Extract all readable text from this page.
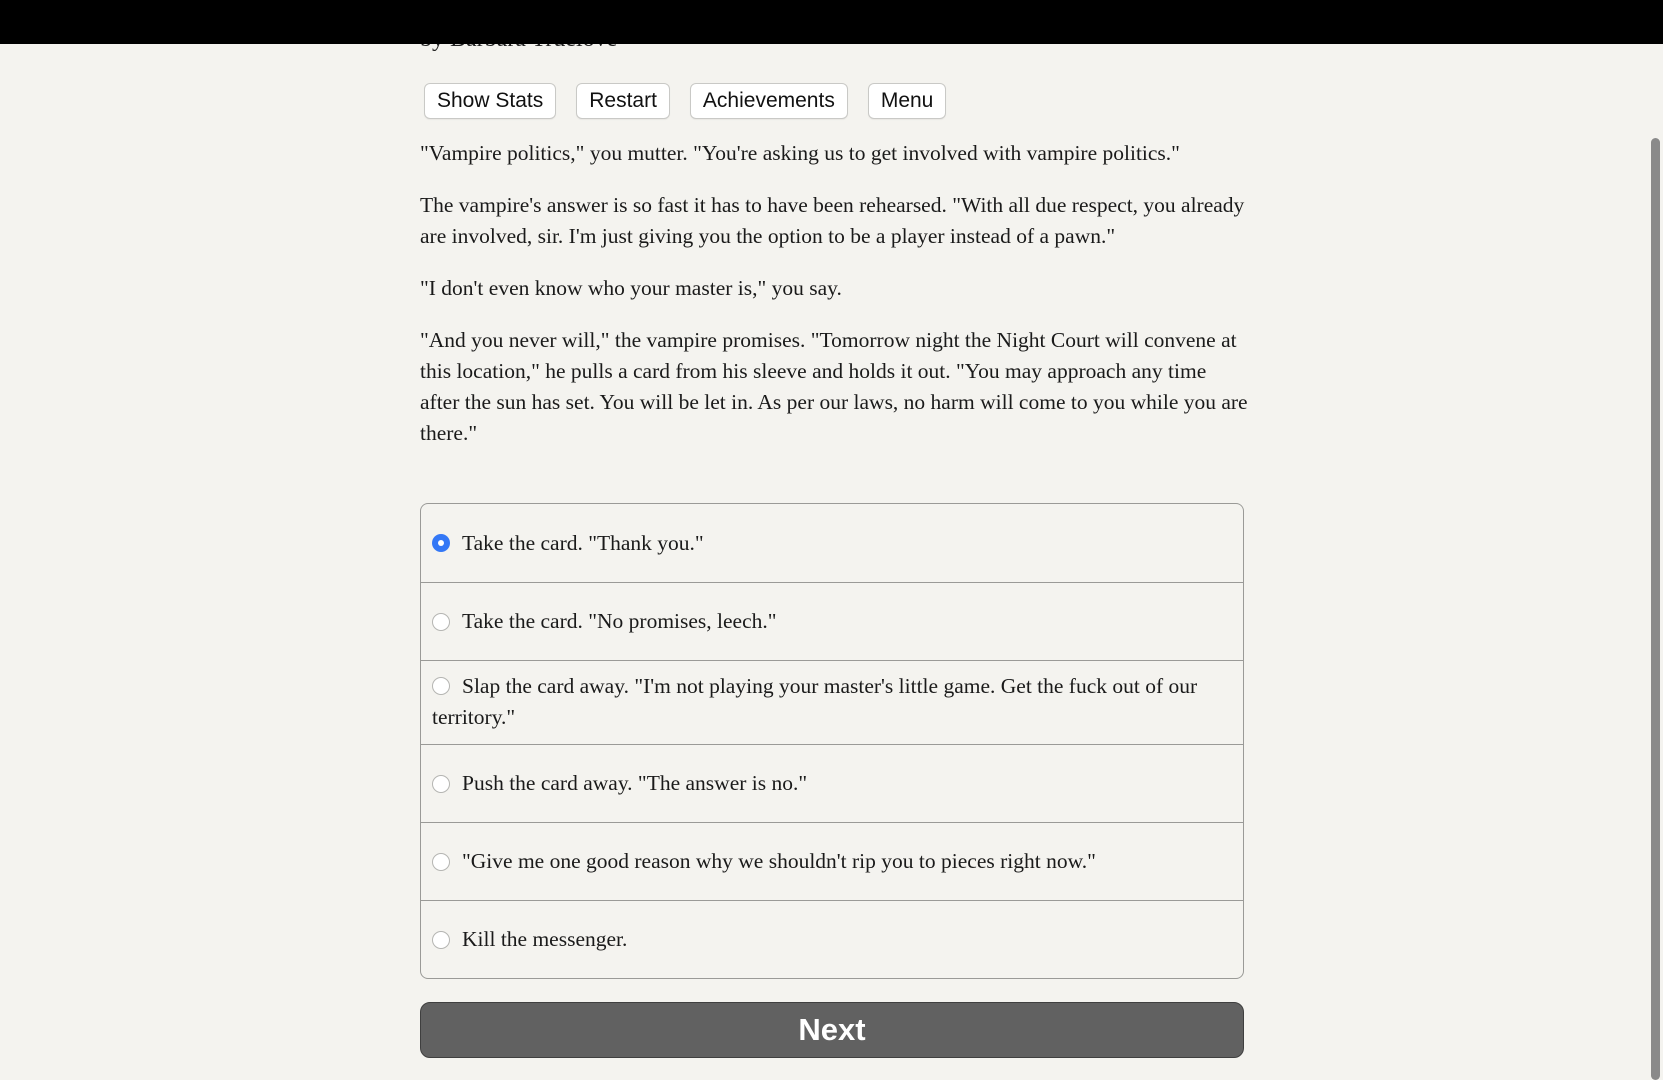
Show Stats	Restart	Achievements	Menu

"Vampire politics," you mutter. "You're asking us to get involved with vampire politics."

The vampire's answer is so fast it has to have been rehearsed. "With all due respect, you already are involved, sir. I'm just giving you the option to be a player instead of a pawn."

"I don't even know who your master is," you say.

"And you never will," the vampire promises. "Tomorrow night the Night Court will convene at this location," he pulls a card from his sleeve and holds it out. "You may approach any time after the sun has set. You will be let in. As per our laws, no harm will come to you while you are there."

Take the card. "Thank you."
Take the card. "No promises, leech."
Slap the card away. "I'm not playing your master's little game. Get the fuck out of our territory."
Push the card away. "The answer is no."
"Give me one good reason why we shouldn't rip you to pieces right now."
Kill the messenger.
Next
